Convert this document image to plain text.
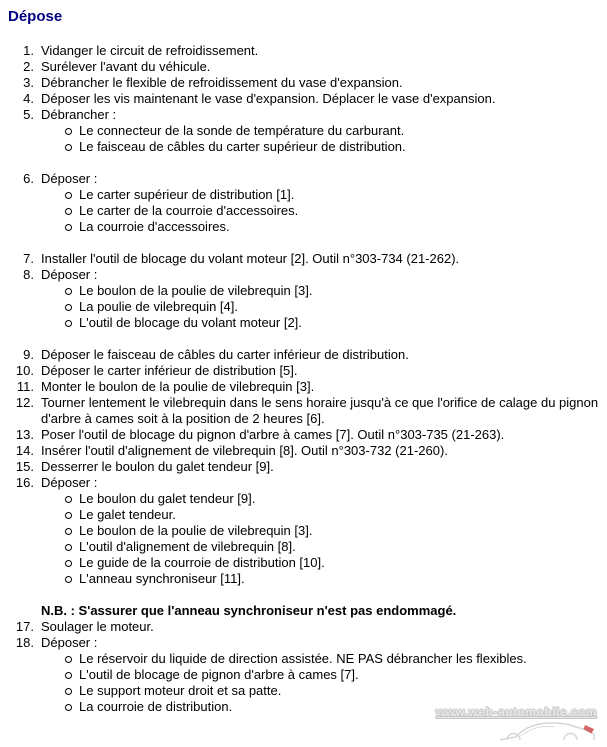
Dépose
1. Vidanger le circuit de refroidissement.
2. Surélever l'avant du véhicule.
3. Débrancher le flexible de refroidissement du vase d'expansion.
4. Déposer les vis maintenant le vase d'expansion. Déplacer le vase d'expansion.
5. Débrancher :
Le connecteur de la sonde de température du carburant.
Le faisceau de câbles du carter supérieur de distribution.
6. Déposer :
Le carter supérieur de distribution [1].
Le carter de la courroie d'accessoires.
La courroie d'accessoires.
7. Installer l'outil de blocage du volant moteur [2]. Outil n°303-734 (21-262).
8. Déposer :
Le boulon de la poulie de vilebrequin [3].
La poulie de vilebrequin [4].
L'outil de blocage du volant moteur [2].
9. Déposer le faisceau de câbles du carter inférieur de distribution.
10. Déposer le carter inférieur de distribution [5].
11. Monter le boulon de la poulie de vilebrequin [3].
12. Tourner lentement le vilebrequin dans le sens horaire jusqu'à ce que l'orifice de calage du pignon d'arbre à cames soit à la position de 2 heures [6].
13. Poser l'outil de blocage du pignon d'arbre à cames [7]. Outil n°303-735 (21-263).
14. Insérer l'outil d'alignement de vilebrequin [8]. Outil n°303-732 (21-260).
15. Desserrer le boulon du galet tendeur [9].
16. Déposer :
Le boulon du galet tendeur [9].
Le galet tendeur.
Le boulon de la poulie de vilebrequin [3].
L'outil d'alignement de vilebrequin [8].
Le guide de la courroie de distribution [10].
L'anneau synchroniseur [11].
N.B. : S'assurer que l'anneau synchroniseur n'est pas endommagé.
17. Soulager le moteur.
18. Déposer :
Le réservoir du liquide de direction assistée. NE PAS débrancher les flexibles.
L'outil de blocage de pignon d'arbre à cames [7].
Le support moteur droit et sa patte.
La courroie de distribution.	www.web-automobile.com
